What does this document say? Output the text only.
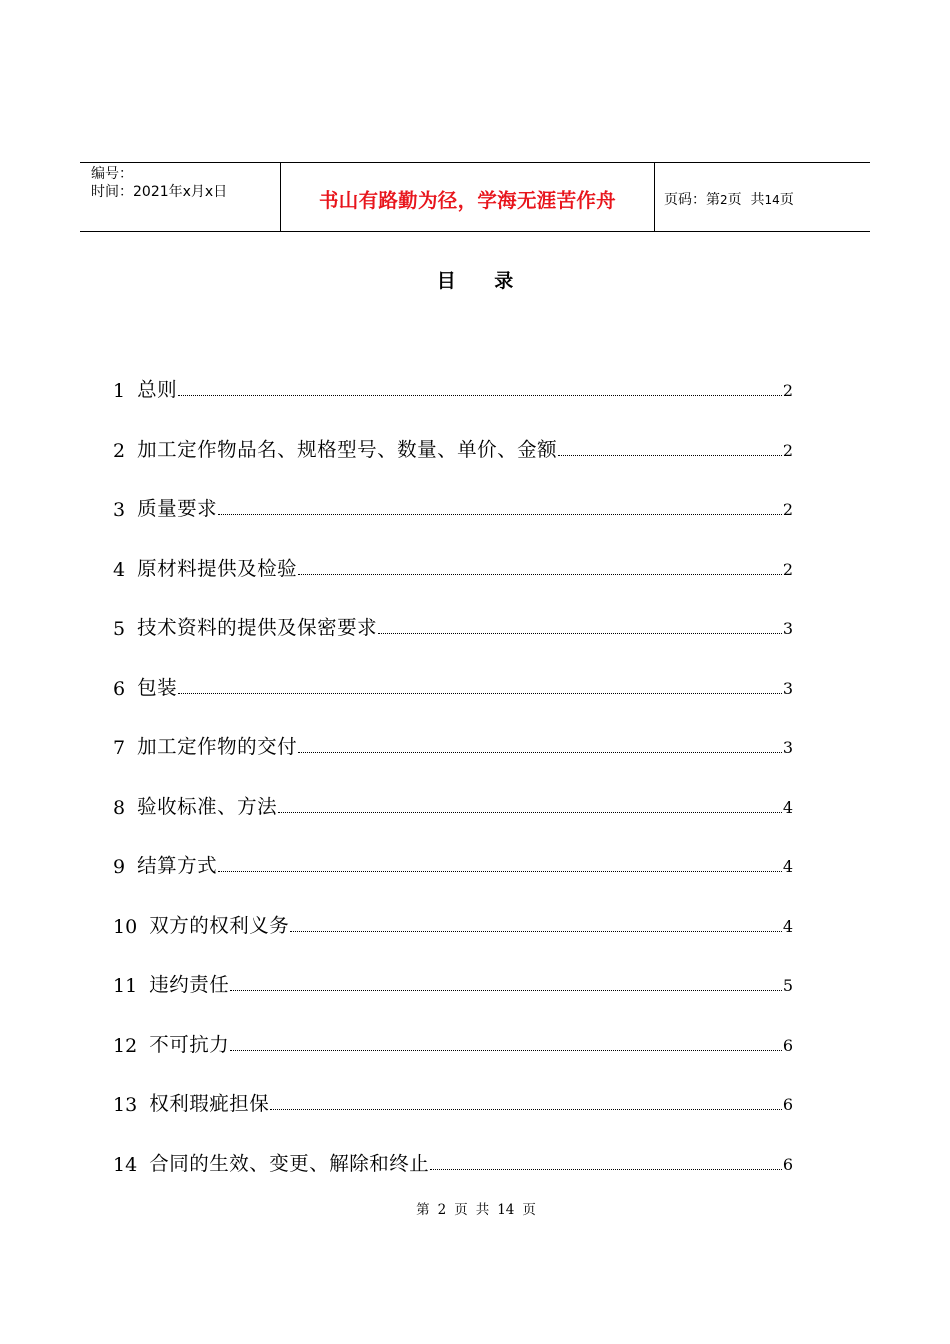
编号：
时间：2021年x月x日	书山有路勤为径，学海无涯苦作舟	页码：第2页  共14页
目 录
1 总则	2
2 加工定作物品名、规格型号、数量、单价、金额	2
3 质量要求	2
4 原材料提供及检验	2
5 技术资料的提供及保密要求	3
6 包装	3
7 加工定作物的交付	3
8 验收标准、方法	4
9 结算方式	4
10 双方的权利义务	4
11 违约责任	5
12 不可抗力	6
13 权利瑕疵担保	6
14 合同的生效、变更、解除和终止	6
第 2 页 共 14 页
